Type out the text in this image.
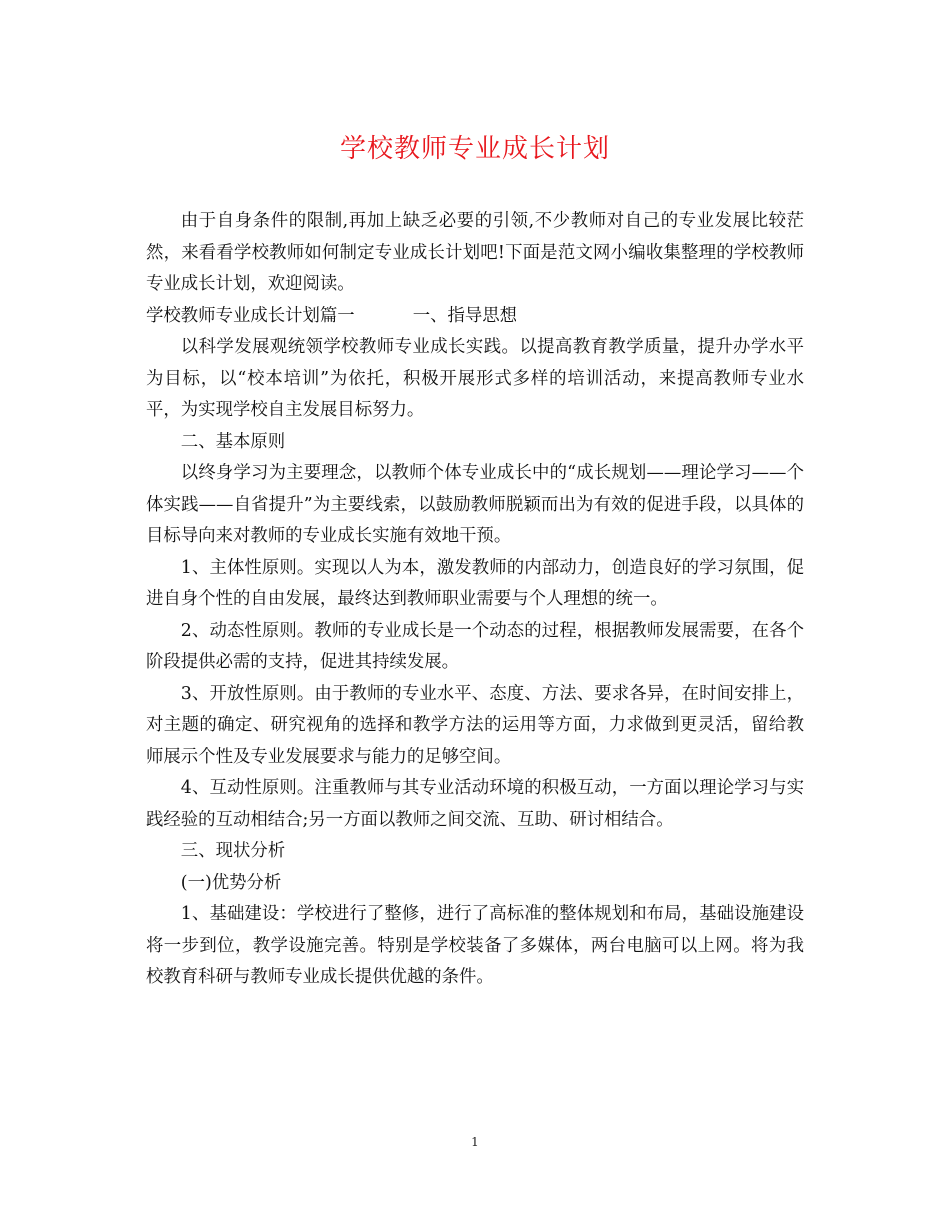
学校教师专业成长计划

由于自身条件的限制,再加上缺乏必要的引领,不少教师对自己的专业发展比较茫然，来看看学校教师如何制定专业成长计划吧!下面是范文网小编收集整理的学校教师专业成长计划，欢迎阅读。

学校教师专业成长计划篇一	一、指导思想

以科学发展观统领学校教师专业成长实践。以提高教育教学质量，提升办学水平为目标，以“校本培训”为依托，积极开展形式多样的培训活动，来提高教师专业水平，为实现学校自主发展目标努力。

二、基本原则

以终身学习为主要理念，以教师个体专业成长中的“成长规划——理论学习——个体实践——自省提升”为主要线索，以鼓励教师脱颖而出为有效的促进手段，以具体的目标导向来对教师的专业成长实施有效地干预。

1、主体性原则。实现以人为本，激发教师的内部动力，创造良好的学习氛围，促进自身个性的自由发展，最终达到教师职业需要与个人理想的统一。

2、动态性原则。教师的专业成长是一个动态的过程，根据教师发展需要，在各个阶段提供必需的支持，促进其持续发展。

3、开放性原则。由于教师的专业水平、态度、方法、要求各异，在时间安排上，对主题的确定、研究视角的选择和教学方法的运用等方面，力求做到更灵活，留给教师展示个性及专业发展要求与能力的足够空间。

4、互动性原则。注重教师与其专业活动环境的积极互动，一方面以理论学习与实践经验的互动相结合;另一方面以教师之间交流、互助、研讨相结合。

三、现状分析

(一)优势分析

1、基础建设：学校进行了整修，进行了高标准的整体规划和布局，基础设施建设将一步到位，教学设施完善。特别是学校装备了多媒体，两台电脑可以上网。将为我校教育科研与教师专业成长提供优越的条件。

1
